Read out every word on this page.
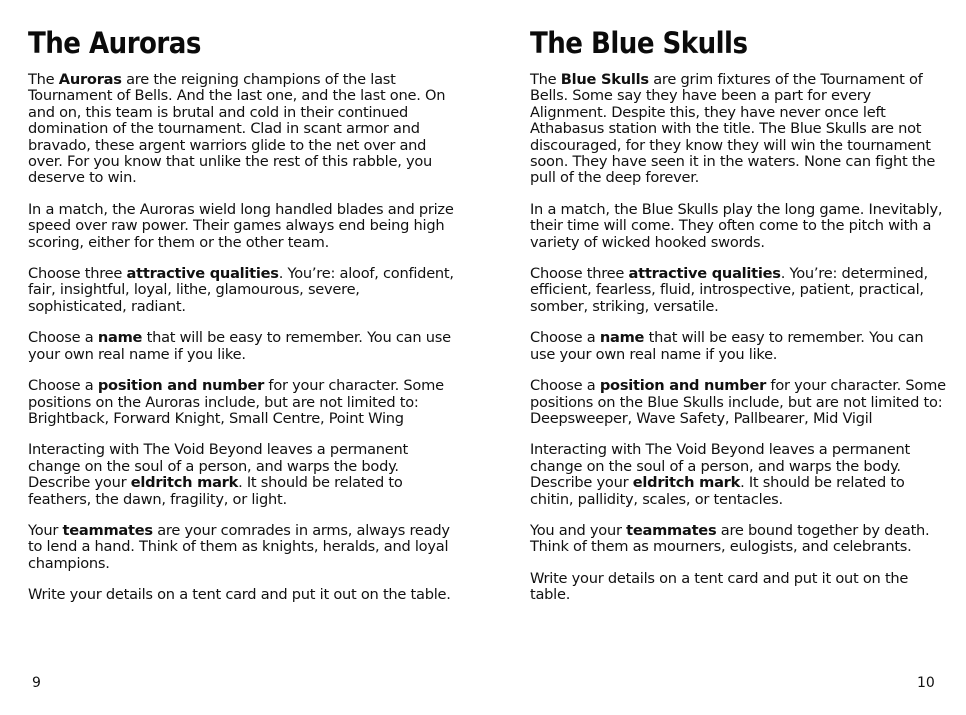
The Auroras

The Auroras are the reigning champions of the last Tournament of Bells. And the last one, and the last one. On and on, this team is brutal and cold in their continued domination of the tournament. Clad in scant armor and bravado, these argent warriors glide to the net over and over. For you know that unlike the rest of this rabble, you deserve to win.

In a match, the Auroras wield long handled blades and prize speed over raw power. Their games always end being high scoring, either for them or the other team.

Choose three attractive qualities. You’re: aloof, confident, fair, insightful, loyal, lithe, glamourous, severe, sophisticated, radiant.

Choose a name that will be easy to remember. You can use your own real name if you like.

Choose a position and number for your character. Some positions on the Auroras include, but are not limited to: Brightback, Forward Knight, Small Centre, Point Wing

Interacting with The Void Beyond leaves a permanent change on the soul of a person, and warps the body. Describe your eldritch mark. It should be related to feathers, the dawn, fragility, or light.

Your teammates are your comrades in arms, always ready to lend a hand. Think of them as knights, heralds, and loyal champions.

Write your details on a tent card and put it out on the table.

The Blue Skulls

The Blue Skulls are grim fixtures of the Tournament of Bells. Some say they have been a part for every Alignment. Despite this, they have never once left Athabasus station with the title. The Blue Skulls are not discouraged, for they know they will win the tournament soon. They have seen it in the waters. None can fight the pull of the deep forever.

In a match, the Blue Skulls play the long game. Inevitably, their time will come. They often come to the pitch with a variety of wicked hooked swords.

Choose three attractive qualities. You’re: determined, efficient, fearless, fluid, introspective, patient, practical, somber, striking, versatile.

Choose a name that will be easy to remember. You can use your own real name if you like.

Choose a position and number for your character. Some positions on the Blue Skulls include, but are not limited to: Deepsweeper, Wave Safety, Pallbearer, Mid Vigil

Interacting with The Void Beyond leaves a permanent change on the soul of a person, and warps the body. Describe your eldritch mark. It should be related to chitin, pallidity, scales, or tentacles.

You and your teammates are bound together by death. Think of them as mourners, eulogists, and celebrants.

Write your details on a tent card and put it out on the table.

9	10
